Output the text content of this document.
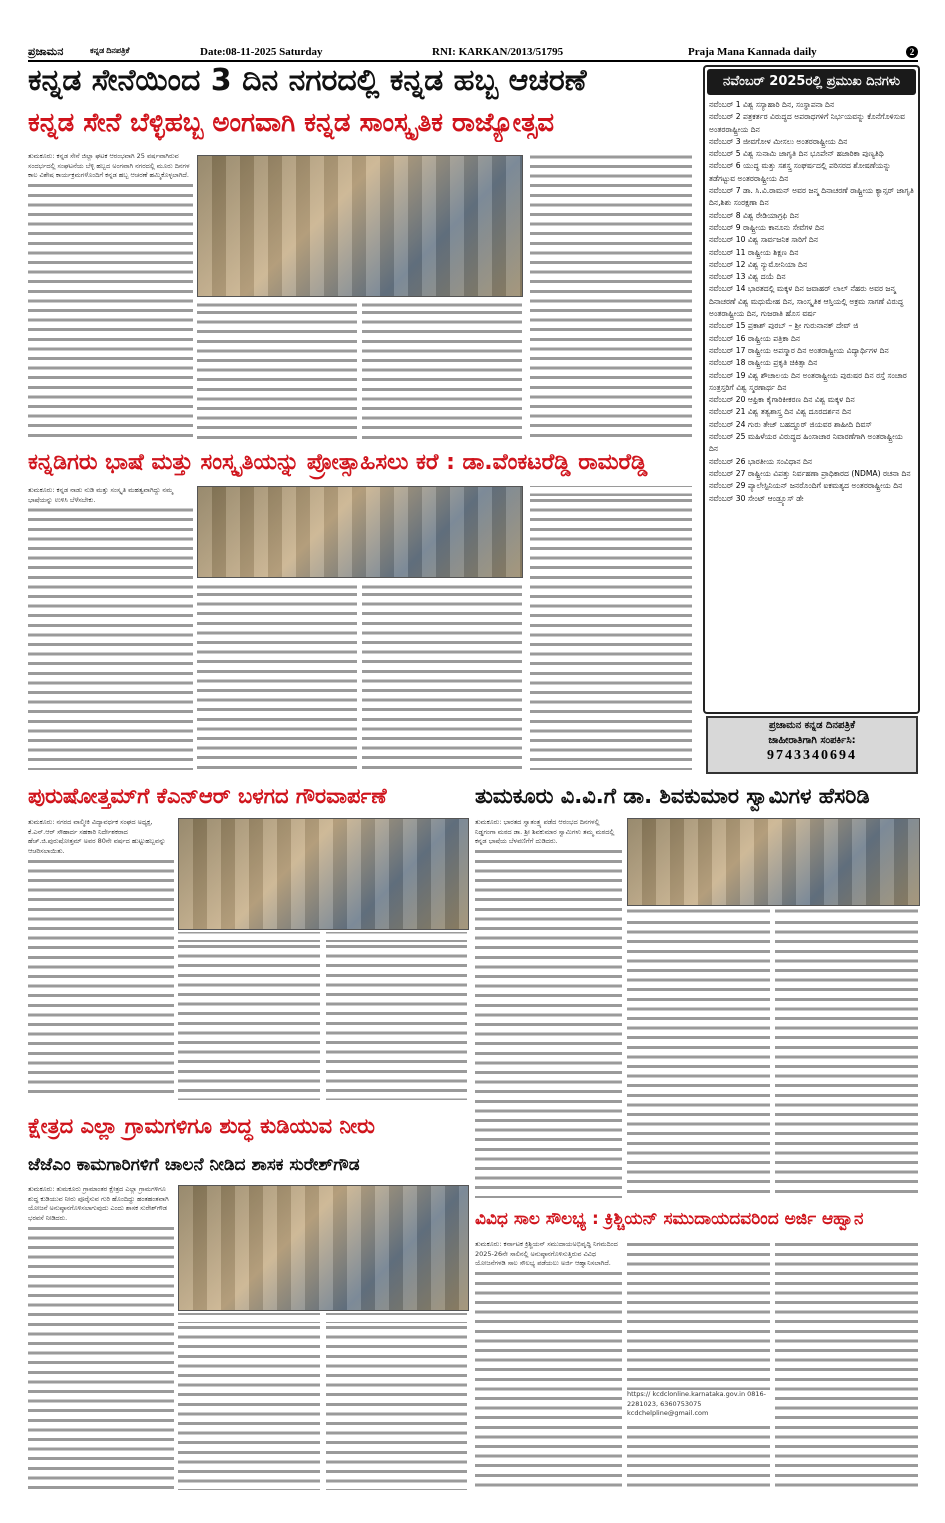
ಪ್ರಜಾಮನ	ಕನ್ನಡ ದಿನಪತ್ರಿಕೆ	Date:08-11-2025 Saturday	RNI: KARKAN/2013/51795	Praja Mana Kannada daily	2
ಕನ್ನಡ ಸೇನೆಯಿಂದ 3 ದಿನ ನಗರದಲ್ಲಿ ಕನ್ನಡ ಹಬ್ಬ ಆಚರಣೆ
ಕನ್ನಡ ಸೇನೆ ಬೆಳ್ಳಿಹಬ್ಬ ಅಂಗವಾಗಿ ಕನ್ನಡ ಸಾಂಸ್ಕೃತಿಕ ರಾಜ್ಯೋತ್ಸವ

ತುಮಕೂರು: ಕನ್ನಡ ಸೇನೆ ಜಿಲ್ಲಾ ಘಟಕ ಆರಂಭವಾಗಿ 25 ವರ್ಷವಾಗಿರುವ ಸಂದರ್ಭದಲ್ಲಿ ಸಂಘಟನೆಯ ಬೆಳ್ಳಿ ಹಬ್ಬದ ಅಂಗವಾಗಿ ನಗರದಲ್ಲಿ ಮೂರು ದಿನಗಳ ಕಾಲ ವಿಶೇಷ ಕಾರ್ಯಕ್ರಮಗಳೊಂದಿಗೆ ಕನ್ನಡ ಹಬ್ಬ ಆಚರಣೆ ಹಮ್ಮಿಕೊಳ್ಳಲಾಗಿದೆ.

ಕನ್ನಡಿಗರು ಭಾಷೆ ಮತ್ತು ಸಂಸ್ಕೃತಿಯನ್ನು ಪ್ರೋತ್ಸಾಹಿಸಲು ಕರೆ : ಡಾ.ವೆಂಕಟರೆಡ್ಡಿ ರಾಮರೆಡ್ಡಿ

ತುಮಕೂರು: ಕನ್ನಡ ನಾಡು ನುಡಿ ಮತ್ತು ಸಂಸ್ಕೃತಿ ಮಹತ್ವವಾಗಿದ್ದು ನಮ್ಮ ಭಾಷೆಯನ್ನು ಉಳಿಸಿ ಬೆಳೆಸಬೇಕು.

ನವೆಂಬರ್ 2025ರಲ್ಲಿ ಪ್ರಮುಖ ದಿನಗಳು
ನವೆಂಬರ್ 1 ವಿಶ್ವ ಸಸ್ಯಾಹಾರಿ ದಿನ, ಸಂಸ್ಥಾಪನಾ ದಿನ
ನವೆಂಬರ್ 2 ಪತ್ರಕರ್ತರ ವಿರುದ್ಧದ ಅಪರಾಧಗಳಿಗೆ ನಿರ್ಭಯವನ್ನು ಕೊನೆಗೊಳಿಸುವ ಅಂತರರಾಷ್ಟ್ರೀಯ ದಿನ
ನವೆಂಬರ್ 3 ಜೀವಗೋಳ ಮೀಸಲು ಅಂತರರಾಷ್ಟ್ರೀಯ ದಿನ
ನವೆಂಬರ್ 5 ವಿಶ್ವ ಸುನಾಮಿ ಜಾಗೃತಿ ದಿನ ಭೂಪೇನ್ ಹಜಾರಿಕಾ ಪುಣ್ಯತಿಥಿ
ನವೆಂಬರ್ 6 ಯುದ್ಧ ಮತ್ತು ಸಶಸ್ತ್ರ ಸಂಘರ್ಷದಲ್ಲಿ ಪರಿಸರದ ಶೋಷಣೆಯನ್ನು ತಡೆಗಟ್ಟುವ ಅಂತರರಾಷ್ಟ್ರೀಯ ದಿನ
ನವೆಂಬರ್ 7 ಡಾ. ಸಿ.ವಿ.ರಾಮನ್ ಅವರ ಜನ್ಮ ದಿನಾಚರಣೆ ರಾಷ್ಟ್ರೀಯ ಕ್ಯಾನ್ಸರ್ ಜಾಗೃತಿ ದಿನ,ಶಿಶು ಸಂರಕ್ಷಣಾ ದಿನ
ನವೆಂಬರ್ 8 ವಿಶ್ವ ರೇಡಿಯಾಗ್ರಫಿ ದಿನ
ನವೆಂಬರ್ 9 ರಾಷ್ಟ್ರೀಯ ಕಾನೂನು ಸೇವೆಗಳ ದಿನ
ನವೆಂಬರ್ 10 ವಿಶ್ವ ಸಾರ್ವಜನಿಕ ಸಾರಿಗೆ ದಿನ
ನವೆಂಬರ್ 11 ರಾಷ್ಟ್ರೀಯ ಶಿಕ್ಷಣ ದಿನ
ನವೆಂಬರ್ 12 ವಿಶ್ವ ನ್ಯುಮೋನಿಯಾ ದಿನ
ನವೆಂಬರ್ 13 ವಿಶ್ವ ದಯೆ ದಿನ
ನವೆಂಬರ್ 14 ಭಾರತದಲ್ಲಿ ಮಕ್ಕಳ ದಿನ ಜವಾಹರ್ ಲಾಲ್ ನೆಹರು ಅವರ ಜನ್ಮ ದಿನಾಚರಣೆ ವಿಶ್ವ ಮಧುಮೇಹ ದಿನ, ಸಾಂಸ್ಕೃತಿಕ ಆಸ್ತಿಯಲ್ಲಿ ಅಕ್ರಮ ಸಾಗಣೆ ವಿರುದ್ಧ ಅಂತರಾಷ್ಟ್ರೀಯ ದಿನ, ಗುಜರಾತಿ ಹೊಸ ವರ್ಷ
ನವೆಂಬರ್ 15 ಪ್ರಕಾಶ್ ಪುರಬ್ – ಶ್ರೀ ಗುರುನಾನಕ್ ದೇವ್ ಜಿ
ನವೆಂಬರ್ 16 ರಾಷ್ಟ್ರೀಯ ಪತ್ರಿಕಾ ದಿನ
ನವೆಂಬರ್ 17 ರಾಷ್ಟ್ರೀಯ ಅಪಸ್ಮಾರ ದಿನ ಅಂತರಾಷ್ಟ್ರೀಯ ವಿದ್ಯಾರ್ಥಿಗಳ ದಿನ
ನವೆಂಬರ್ 18 ರಾಷ್ಟ್ರೀಯ ಪ್ರಕೃತಿ ಚಿಕಿತ್ಸಾ ದಿನ
ನವೆಂಬರ್ 19 ವಿಶ್ವ ಶೌಚಾಲಯ ದಿನ ಅಂತರಾಷ್ಟ್ರೀಯ ಪುರುಷರ ದಿನ ರಸ್ತೆ ಸಂಚಾರ ಸಂತ್ರಸ್ತರಿಗೆ ವಿಶ್ವ ಸ್ಮರಣಾರ್ಥ ದಿನ
ನವೆಂಬರ್ 20 ಆಫ್ರಿಕಾ ಕೈಗಾರಿಕೀಕರಣ ದಿನ ವಿಶ್ವ ಮಕ್ಕಳ ದಿನ
ನವೆಂಬರ್ 21 ವಿಶ್ವ ತತ್ವಶಾಸ್ತ್ರ ದಿನ ವಿಶ್ವ ದೂರದರ್ಶನ ದಿನ
ನವೆಂಬರ್ 24 ಗುರು ತೇಜ್ ಬಹದ್ದೂರ್ ಜಿಯವರ ಶಾಹೀದಿ ದಿವಸ್
ನವೆಂಬರ್ 25 ಮಹಿಳೆಯರ ವಿರುದ್ಧದ ಹಿಂಸಾಚಾರ ನಿವಾರಣೆಗಾಗಿ ಅಂತರಾಷ್ಟ್ರೀಯ ದಿನ
ನವೆಂಬರ್ 26 ಭಾರತೀಯ ಸಂವಿಧಾನ ದಿನ
ನವೆಂಬರ್ 27 ರಾಷ್ಟ್ರೀಯ ವಿಪತ್ತು ನಿರ್ವಹಣಾ ಪ್ರಾಧಿಕಾರದ (NDMA) ರಚನಾ ದಿನ
ನವೆಂಬರ್ 29 ಪ್ಯಾಲೇಸ್ಟಿನಿಯನ್ ಜನರೊಂದಿಗೆ ಐಕಮತ್ಯದ ಅಂತರರಾಷ್ಟ್ರೀಯ ದಿನ
ನವೆಂಬರ್ 30 ಸೇಂಟ್ ಆಂಡ್ರ್ಯೂಸ್ ಡೇ
ಪ್ರಜಾಮನ ಕನ್ನಡ ದಿನಪತ್ರಿಕೆ
ಜಾಹೀರಾತಿಗಾಗಿ ಸಂಪರ್ಕಿಸಿ:
9743340694
ಪುರುಷೋತ್ತಮ್‌ಗೆ ಕೆಎನ್‌ಆರ್ ಬಳಗದ ಗೌರವಾರ್ಪಣೆ

ತುಮಕೂರು: ನಗರದ ವಾಲ್ಮೀಕಿ ವಿದ್ಯಾವರ್ಧಕ ಸಂಘದ ಅಧ್ಯಕ್ಷ, ಕೆ.ಎನ್.ಆರ್ ಸೌಹಾರ್ದ ಸಹಕಾರಿ ನಿರ್ದೇಶಕರಾದ ಹೆಚ್.ಜಿ.ಪುರುಷೋತ್ತಮ್ ಅವರ 80ನೇ ವರ್ಷದ ಹುಟ್ಟುಹಬ್ಬವನ್ನು ಆಚರಿಸಲಾಯಿತು.

ತುಮಕೂರು ವಿ.ವಿ.ಗೆ ಡಾ. ಶಿವಕುಮಾರ ಸ್ವಾಮಿಗಳ ಹೆಸರಿಡಿ

ತುಮಕೂರು: ಭಾರತದ ಸ್ವಾತಂತ್ರ್ಯ ಪಡೆದ ಆರಂಭದ ದಿನಗಳಲ್ಲಿ ನಿಡ್ಡಗಂಗಾ ಮಠದ ಡಾ. ಶ್ರೀ ಶಿವಕುಮಾರ ಸ್ವಾಮಿಗಳು ತಮ್ಮ ಮಠದಲ್ಲಿ ಕನ್ನಡ ಭಾಷೆಯ ಬೆಳವಣಿಗೆಗೆ ದುಡಿದರು.

ಕ್ಷೇತ್ರದ ಎಲ್ಲಾ ಗ್ರಾಮಗಳಿಗೂ ಶುದ್ಧ ಕುಡಿಯುವ ನೀರು
ಜೆಜೆಎಂ ಕಾಮಗಾರಿಗಳಿಗೆ ಚಾಲನೆ ನೀಡಿದ ಶಾಸಕ ಸುರೇಶ್‌ಗೌಡ

ತುಮಕೂರು: ತುಮಕೂರು ಗ್ರಾಮಾಂತರ ಕ್ಷೇತ್ರದ ಎಲ್ಲಾ ಗ್ರಾಮಗಳಿಗೂ ಶುದ್ಧ ಕುಡಿಯುವ ನೀರು ಪೂರೈಸುವ ಗುರಿ ಹೊಂದಿದ್ದು ಹಂತಹಂತವಾಗಿ ಯೋಜನೆ ಅನುಷ್ಠಾನಗೊಳಿಸಲಾಗುವುದು ಎಂದು ಶಾಸಕ ಸುರೇಶ್‌ಗೌಡ ಭರವಸೆ ನೀಡಿದರು.	ವಿವಿಧ ಸಾಲ ಸೌಲಭ್ಯ : ಕ್ರಿಶ್ಚಿಯನ್ ಸಮುದಾಯದವರಿಂದ ಅರ್ಜಿ ಆಹ್ವಾನ

ತುಮಕೂರು: ಕರ್ನಾಟಕ ಕ್ರಿಶ್ಚಿಯನ್ ಸಮುದಾಯಅಭಿವೃದ್ಧಿ ನಿಗಮದಿಂದ 2025-26ನೇ ಸಾಲಿನಲ್ಲಿ ಅನುಷ್ಠಾನಗೊಳಿಸುತ್ತಿರುವ ವಿವಿಧ ಯೋಜನೆಗಳಡಿ ಸಾಲ ಸೌಲಭ್ಯ ಪಡೆಯಲು ಅರ್ಜಿ ಆಹ್ವಾನಿಸಲಾಗಿದೆ.

https:// kcdclonline.karnataka.gov.in 0816-2281023, 6360753075 kcdchelpline@gmail.com
